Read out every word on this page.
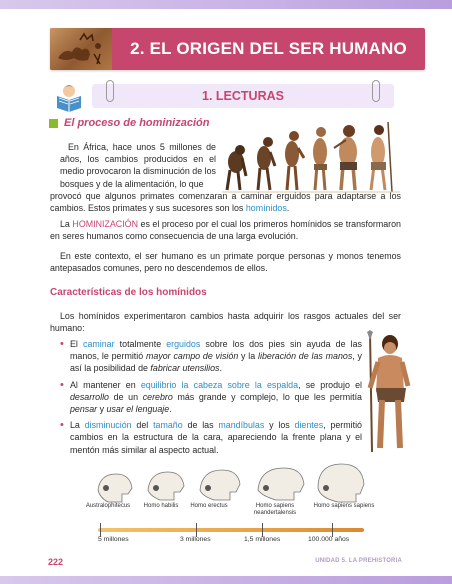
2. EL ORIGEN DEL SER HUMANO
1. LECTURAS
El proceso de hominización

En África, hace unos 5 millones de años, los cambios producidos en el medio provocaron la disminución de los bosques y de la alimentación, lo que

provocó que algunos primates comenzaran a caminar erguidos para adaptarse a los cambios. Estos primates y sus sucesores son los homínidos.

La HOMINIZACIÓN es el proceso por el cual los primeros homínidos se transformaron en seres humanos como consecuencia de una larga evolución.

En este contexto, el ser humano es un primate porque personas y monos tenemos antepasados comunes, pero no descendemos de ellos.

Características de los homínidos

Los homínidos experimentaron cambios hasta adquirir los rasgos actuales del ser humano:

• El caminar totalmente erguidos sobre los dos pies sin ayuda de las manos, le permitió mayor campo de visión y la liberación de las manos, y así la posibilidad de fabricar utensilios.
• Al mantener en equilibrio la cabeza sobre la espalda, se produjo el desarrollo de un cerebro más grande y complejo, lo que les permitía pensar y usar el lenguaje.
• La disminución del tamaño de las mandíbulas y los dientes, permitió cambios en la estructura de la cara, apareciendo la frente plana y el mentón más similar al aspecto actual.
Australophitecus	Homo habilis	Homo erectus	Homo sapiens neandertalensis
Homo sapiens sapiens
5 millones	3 millones	1,5 millones	100.000 años
222	UNIDAD 5. LA PREHISTORIA
